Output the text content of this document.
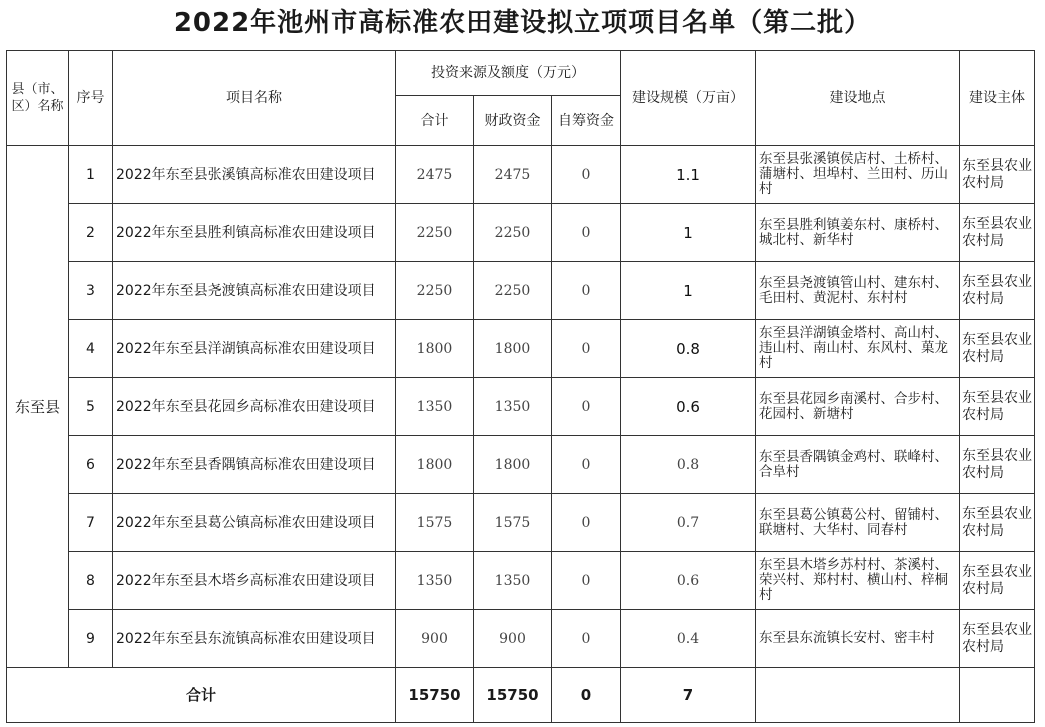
2022年池州市高标准农田建设拟立项项目名单（第二批）
县（市、区）名称	序号	项目名称	投资来源及额度（万元）			建设规模（万亩）	建设地点	建设主体
			合计	财政资金	自筹资金			
东至县	1	2022年东至县张溪镇高标准农田建设项目	2475	2475	0	1.1	东至县张溪镇侯店村、土桥村、蒲塘村、坦埠村、兰田村、历山村	东至县农业农村局
	2	2022年东至县胜利镇高标准农田建设项目	2250	2250	0	1	东至县胜利镇姜东村、康桥村、城北村、新华村	东至县农业农村局
	3	2022年东至县尧渡镇高标准农田建设项目	2250	2250	0	1	东至县尧渡镇管山村、建东村、毛田村、黄泥村、东村村	东至县农业农村局
	4	2022年东至县洋湖镇高标准农田建设项目	1800	1800	0	0.8	东至县洋湖镇金塔村、高山村、违山村、南山村、东风村、菓龙村	东至县农业农村局
	5	2022年东至县花园乡高标准农田建设项目	1350	1350	0	0.6	东至县花园乡南溪村、合步村、花园村、新塘村	东至县农业农村局
	6	2022年东至县香隅镇高标准农田建设项目	1800	1800	0	0.8	东至县香隅镇金鸡村、联峰村、合阜村	东至县农业农村局
	7	2022年东至县葛公镇高标准农田建设项目	1575	1575	0	0.7	东至县葛公镇葛公村、留铺村、联塘村、大华村、同春村	东至县农业农村局
	8	2022年东至县木塔乡高标准农田建设项目	1350	1350	0	0.6	东至县木塔乡苏村村、茶溪村、荣兴村、郑村村、横山村、梓桐村	东至县农业农村局
	9	2022年东至县东流镇高标准农田建设项目	900	900	0	0.4	东至县东流镇长安村、密丰村	东至县农业农村局
合计			15750	15750	0	7		
